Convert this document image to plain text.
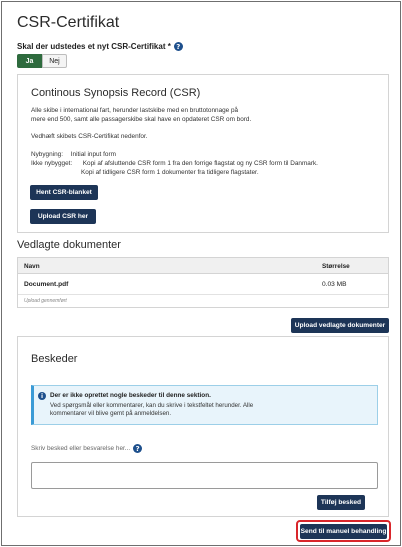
CSR-Certifikat
Skal der udstedes et nyt CSR-Certifikat * ?
Ja	Nej
Continous Synopsis Record (CSR)
Alle skibe i international fart, herunder lastskibe med en bruttotonnage på
mere end 500, samt alle passagerskibe skal have en opdateret CSR om bord.
Vedhæft skibets CSR-Certifikat nedenfor.
Nybygning: Initial input form
Ikke nybygget: Kopi af afsluttende CSR form 1 fra den forrige flagstat og ny CSR form til Danmark.
Kopi af tidligere CSR form 1 dokumenter fra tidligere flagstater.
Hent CSR-blanket
Upload CSR her
Vedlagte dokumenter
Navn	Størrelse
Document.pdf	0.03 MB
Upload gennemført
Upload vedlagte dokumenter
Beskeder
i	Der er ikke oprettet nogle beskeder til denne sektion.
Ved spørgsmål eller kommentarer, kan du skrive i tekstfeltet herunder. Alle
kommentarer vil blive gemt på anmeldelsen.
Skriv besked eller besvarelse her... ?
Tilføj besked
Send til manuel behandling
